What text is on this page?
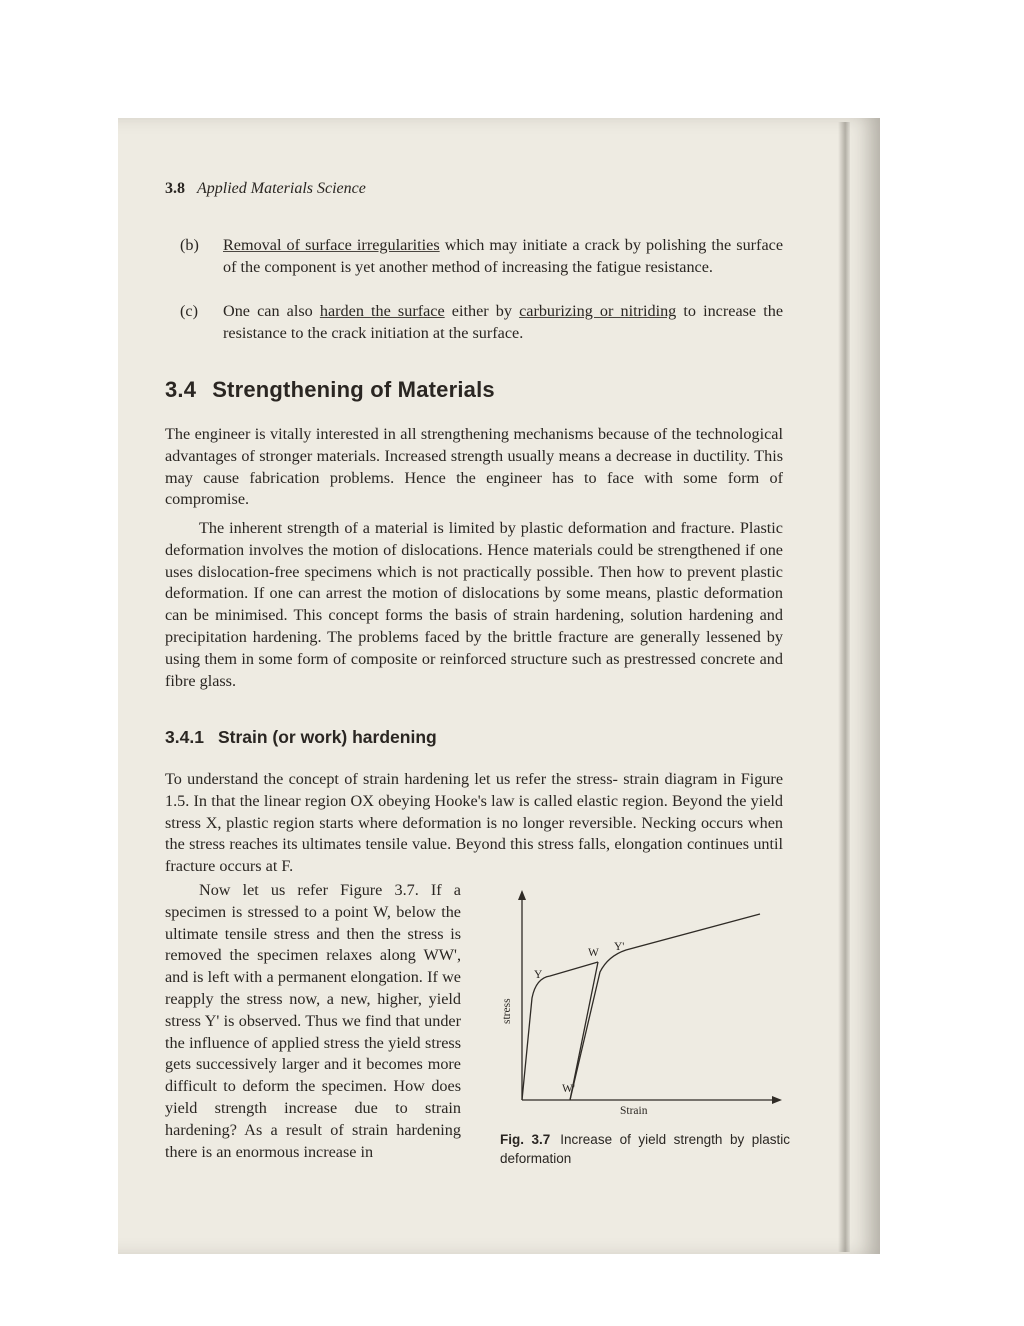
3.8 Applied Materials Science
(b) Removal of surface irregularities which may initiate a crack by polishing the surface of the component is yet another method of increasing the fatigue resistance.
(c) One can also harden the surface either by carburizing or nitriding to increase the resistance to the crack initiation at the surface.
3.4 Strengthening of Materials

The engineer is vitally interested in all strengthening mechanisms because of the technological advantages of stronger materials. Increased strength usually means a decrease in ductility. This may cause fabrication problems. Hence the engineer has to face with some form of compromise.

The inherent strength of a material is limited by plastic deformation and fracture. Plastic deformation involves the motion of dislocations. Hence materials could be strengthened if one uses dislocation-free specimens which is not practically possible. Then how to prevent plastic deformation. If one can arrest the motion of dislocations by some means, plastic deformation can be minimised. This concept forms the basis of strain hardening, solution hardening and precipitation hardening. The problems faced by the brittle fracture are generally lessened by using them in some form of composite or reinforced structure such as prestressed concrete and fibre glass.

3.4.1 Strain (or work) hardening

To understand the concept of strain hardening let us refer the stress- strain diagram in Figure 1.5. In that the linear region OX obeying Hooke's law is called elastic region. Beyond the yield stress X, plastic region starts where deformation is no longer reversible. Necking occurs when the stress reaches its ultimates tensile value. Beyond this stress falls, elongation continues until fracture occurs at F.

Now let us refer Figure 3.7. If a specimen is stressed to a point W, below the ultimate tensile stress and then the stress is removed the specimen relaxes along WW', and is left with a permanent elongation. If we reapply the stress now, a new, higher, yield stress Y' is observed. Thus we find that under the influence of applied stress the yield stress gets successively larger and it becomes more difficult to deform the specimen. How does yield strength increase due to strain hardening? As a result of strain hardening there is an enormous increase in

stress
Y
W Y'
W'
Strain
Fig. 3.7 Increase of yield strength by plastic deformation
